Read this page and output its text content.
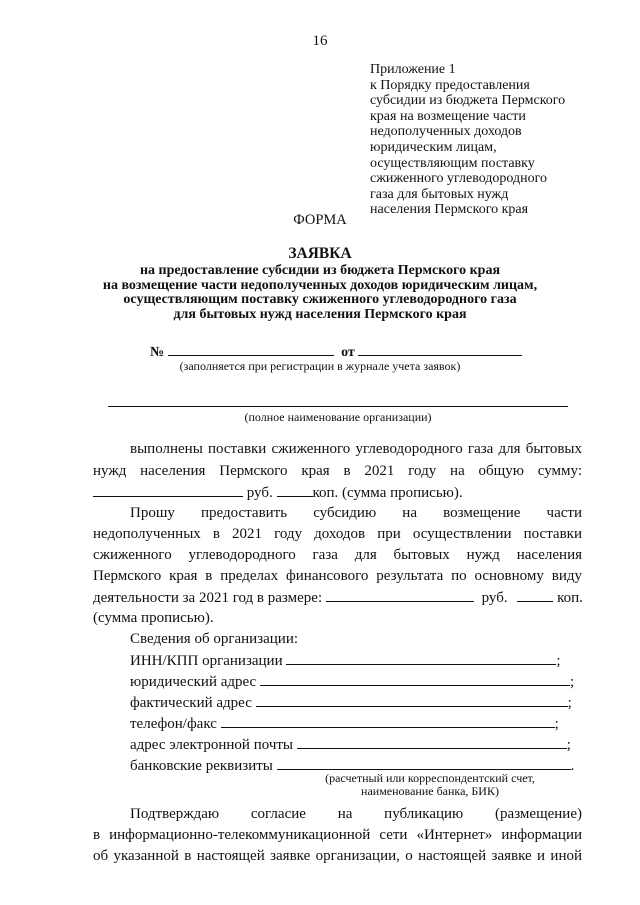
16
Приложение 1
к Порядку предоставления
субсидии из бюджета Пермского
края на возмещение части
недополученных доходов
юридическим лицам,
осуществляющим поставку
сжиженного углеводородного
газа для бытовых нужд
населения Пермского края
ФОРМА
ЗАЯВКА
на предоставление субсидии из бюджета Пермского края
на возмещение части недополученных доходов юридическим лицам,
осуществляющим поставку сжиженного углеводородного газа
для бытовых нужд населения Пермского края
№	от
(заполняется при регистрации в журнале учета заявок)
(полное наименование организации)
выполнены поставки сжиженного углеводородного газа для бытовых
нужд населения Пермского края в 2021 году на общую сумму:
руб.	коп. (сумма прописью).
Прошу предоставить субсидию на возмещение части
недополученных в 2021 году доходов при осуществлении поставки
сжиженного углеводородного газа для бытовых нужд населения
Пермского края в пределах финансового результата по основному виду
деятельности за 2021 год в размере:	руб.	коп.
(сумма прописью).
Сведения об организации:
ИНН/КПП организации	;
юридический адрес	;
фактический адрес	;
телефон/факс	;
адрес электронной почты	;
банковские реквизиты	.
(расчетный или корреспондентский счет,
наименование банка, БИК)
Подтверждаю согласие на публикацию (размещение)
в информационно-телекоммуникационной сети «Интернет» информации
об указанной в настоящей заявке организации, о настоящей заявке и иной
